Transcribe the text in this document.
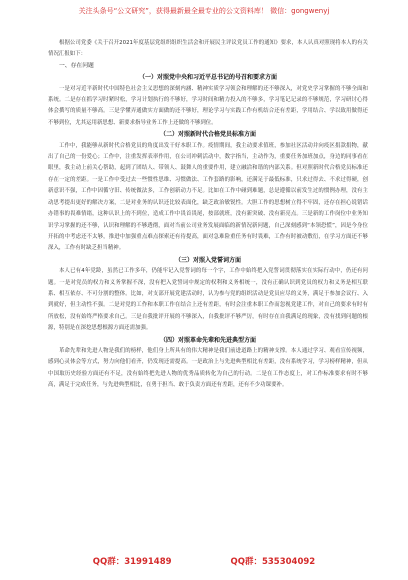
关注头条号“公文研究”，获得最新最全最专业的公文资料库！ 微信：gongwenyj

根据公司党委《关于召开2021年度基层党组织组织生活会和开展民主评议党员工作的通知》要求，本人认真对照现将本人的有关情况汇报如下：

一、存在问题

（一）对照党中央和习近平总书记的号召和要求方面

一是对习近平新时代中国特色社会主义思想的深刻内涵、精神实质学习领会和理解的还不够深入，对党史学习掌握的不够全面和系统。二是存在抓学习时紧时松，学习计划执行的不够好，学习时间和精力投入的不够多，学习笔记记录的不够规范，学习研讨心得体会撰写的质量不够高。三是学懂弄通做实方面做的还不够好，理论学习与实践工作有机结合还有差距，学用结合、学以致用做得还不够到位，尤其运用新思想、新要求指导业务工作上还做的不够到位。

（二）对照新时代合格党员标准方面

工作中，我能够从新时代合格党员的角度出发干好本职工作。疫情期间，我主动要求值班，参加社区活动并向疫区捐款捐物，献出了自己的一份爱心；工作中，注重发挥表率作用，在公司冲刺活动中，数字指当，主动作为，重要任务加班加点，身边的同事看在眼里，我主动上前关心帮助，起到了团结人、带领人、鼓舞人的重要作用，建立融洽和谐的内部关系。但对照新时代合格党员标准还存在一定的差距。一是工作中受过去一些惯性思维、习惯做法、工作套路的影响，还满足于最低标准，只求过得去、不求过得硬，创新意识不强，工作中因循守旧、传统做法多，工作创新动力不足。比如在工作中碰到难题，总是遵循以前发生过的惯例办理，没有主动思考提出更好的解决方案，二是对业务的认识还比较表面化，缺乏政治敏锐性。大胆工作的思想树立得不牢固，还存在担心说错话办错事的畏难情绪，这种认识上的不到位，造成工作中畏首畏尾，按部就班，没有新突破、没有新亮点。三是新的工作岗位中业务知识学习掌握的还不够，认识和理解的不够透彻，面对当前公司业务发展面临的新情况新问题，自己深刻感到“本领恐慌”，因是今身位开拓的中考虑还不太够，推进中加强重点难点探索还有待提高，面对急难险重任务有时畏难，工作有时被动敷衍，在学习方面还不够深入，工作有时缺乏担当精神。

（三）对照入党誓词方面

本人已有4年党龄，虽然已工作多年，仍能牢记入党誓词的每一个字，工作中始终把入党誓词贯彻落实在实际行动中，仍还有问题。一是对党员的权力和义务掌握不深，没有把入党誓词中规定的权利和义务相统一，没有正确认识到党员的权力和义务是相互联系、相互依存、不可分割的整体。比如，对支部开展党建活动时，认为参与党的组织活动是党员应尽的义务，满足于参加会议行、入到就好，但主动性不强。二是对党的工作和本职工作在结合上还有差距，有时会注重本职工作而忽视党建工作，对自己的要求有时有所放松，没有始终严格要求自己。三是自我批评开展的不够深入，自我批评不够严厉，有时存在自我满足的现象，没有找到问题的根源，特别是在深挖思想根源方面还需加强。

（四）对照革命先辈和先进典型方面

革命先辈和先进人物是我们的榜样，他们身上所具有的伟大精神是我们前进道路上的精神支撑。本人通过学习、观看宣传视频，感到心灵体会等方式，努力向他们看齐，仍发现还需提高。一是政治上与先进典型相比有差距，没有系统学习，学习榜样精神，但从中国取历史经验方面还有不足，没有始终把先进人物的优秀品质转化为自己的行动。二是在工作态度上，对工作标准要求有时不够高，满足于完成任务，与先进典型相比，在勇于担当、敢于负责方面还有差距，还有不少功课要补。

QQ群：31991489	QQ群：535304092
